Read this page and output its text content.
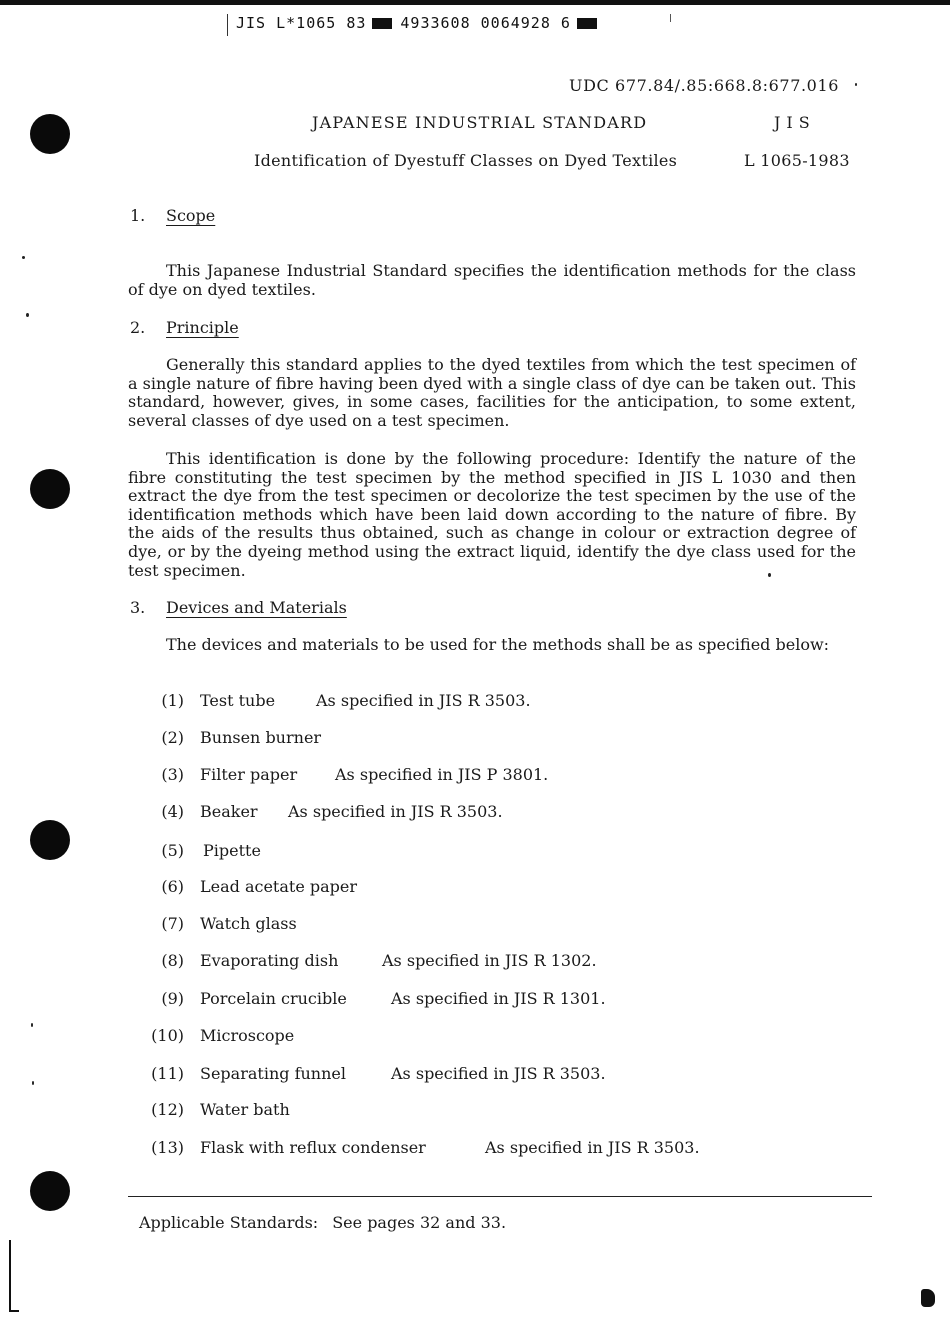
JIS L*1065 83 4933608 0064928 6
UDC 677.84/.85:668.8:677.016
JAPANESE INDUSTRIAL STANDARD	JIS
Identification of Dyestuff Classes on Dyed Textiles	L 1065-1983
1. Scope
This Japanese Industrial Standard specifies the identification methods for the class of dye on dyed textiles.
2. Principle
Generally this standard applies to the dyed textiles from which the test specimen of a single nature of fibre having been dyed with a single class of dye can be taken out. This standard, however, gives, in some cases, facilities for the anticipation, to some extent, several classes of dye used on a test specimen.
This identification is done by the following procedure: Identify the nature of the fibre constituting the test specimen by the method specified in JIS L 1030 and then extract the dye from the test specimen or decolorize the test specimen by the use of the identification methods which have been laid down according to the nature of fibre. By the aids of the results thus obtained, such as change in colour or extraction degree of dye, or by the dyeing method using the extract liquid, identify the dye class used for the test specimen.
3. Devices and Materials
The devices and materials to be used for the methods shall be as specified below:
(1) Test tube	As specified in JIS R 3503.
(2) Bunsen burner
(3) Filter paper As specified in JIS P 3801.
(4) Beaker As specified in JIS R 3503.
(5) Pipette
(6) Lead acetate paper
(7) Watch glass
(8) Evaporating dish	As specified in JIS R 1302.
(9) Porcelain crucible	As specified in JIS R 1301.
(10) Microscope
(11) Separating funnel	As specified in JIS R 3503.
(12) Water bath
(13) Flask with reflux condenser	As specified in JIS R 3503.
Applicable Standards: See pages 32 and 33.
